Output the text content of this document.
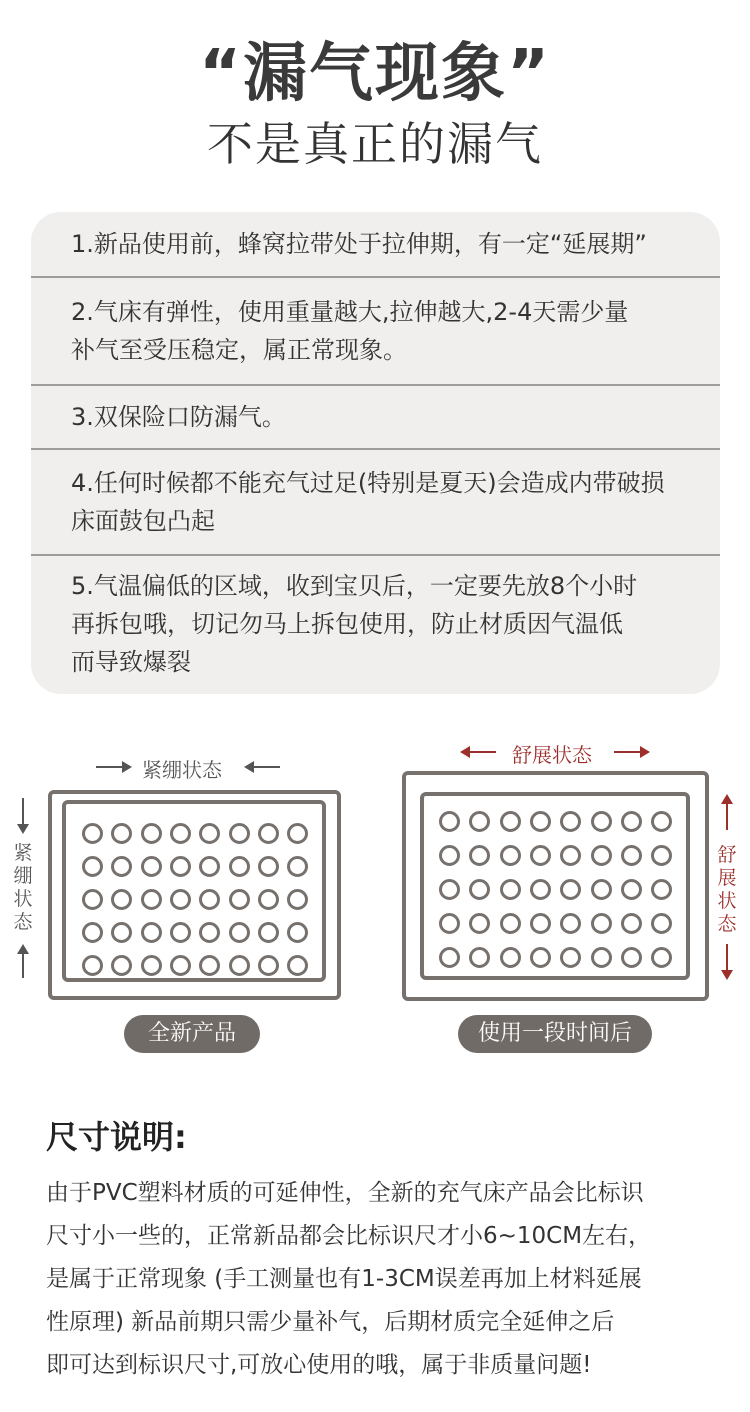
“漏气现象”
不是真正的漏气
1.新品使用前，蜂窝拉带处于拉伸期，有一定“延展期”
2.气床有弹性，使用重量越大,拉伸越大,2-4天需少量
补气至受压稳定，属正常现象。
3.双保险口防漏气。
4.任何时候都不能充气过足(特别是夏天)会造成内带破损
床面鼓包凸起
5.气温偏低的区域，收到宝贝后，一定要先放8个小时
再拆包哦，切记勿马上拆包使用，防止材质因气温低
而导致爆裂
紧绷状态
紧绷状态
全新产品
舒展状态
舒展状态
使用一段时间后
尺寸说明:
由于PVC塑料材质的可延伸性，全新的充气床产品会比标识
尺寸小一些的，正常新品都会比标识尺才小6~10CM左右，
是属于正常现象 (手工测量也有1-3CM误差再加上材料延展
性原理) 新品前期只需少量补气，后期材质完全延伸之后
即可达到标识尺寸,可放心使用的哦，属于非质量问题!
